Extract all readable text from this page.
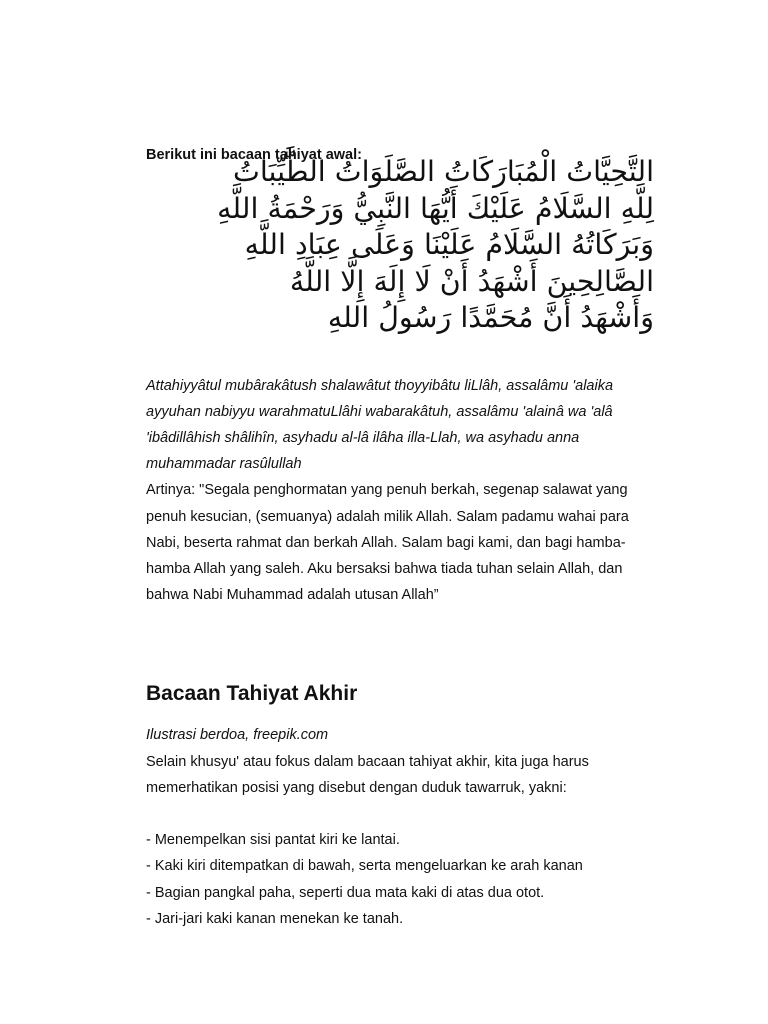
Berikut ini bacaan tahiyat awal:

التَّحِيَّاتُ الْمُبَارَكَاتُ الصَّلَوَاتُ الطَّيِّبَاتُ
لِلَّهِ السَّلَامُ عَلَيْكَ أَيُّهَا النَّبِيُّ وَرَحْمَةُ اللَّهِ
وَبَرَكَاتُهُ السَّلَامُ عَلَيْنَا وَعَلَى عِبَادِ اللَّهِ
الصَّالِحِينَ أَشْهَدُ أَنْ لَا إِلَهَ إِلَّا اللَّهُ
وَأَشْهَدُ أَنَّ مُحَمَّدًا رَسُولُ اللهِ
Attahiyyâtul mubârakâtush shalawâtut thoyyibâtu liLlâh, assalâmu 'alaika ayyuhan nabiyyu warahmatuLlâhi wabarakâtuh, assalâmu 'alainâ wa 'alâ 'ibâdillâhish shâlihîn, asyhadu al-lâ ilâha illa-Llah, wa asyhadu anna muhammadar rasûlullah
Artinya: "Segala penghormatan yang penuh berkah, segenap salawat yang penuh kesucian, (semuanya) adalah milik Allah. Salam padamu wahai para Nabi, beserta rahmat dan berkah Allah. Salam bagi kami, dan bagi hamba-hamba Allah yang saleh. Aku bersaksi bahwa tiada tuhan selain Allah, dan bahwa Nabi Muhammad adalah utusan Allah”
Bacaan Tahiyat Akhir
Ilustrasi berdoa, freepik.com
Selain khusyu' atau fokus dalam bacaan tahiyat akhir, kita juga harus memerhatikan posisi yang disebut dengan duduk tawarruk, yakni:
- Menempelkan sisi pantat kiri ke lantai.
- Kaki kiri ditempatkan di bawah, serta mengeluarkan ke arah kanan
- Bagian pangkal paha, seperti dua mata kaki di atas dua otot.
- Jari-jari kaki kanan menekan ke tanah.
